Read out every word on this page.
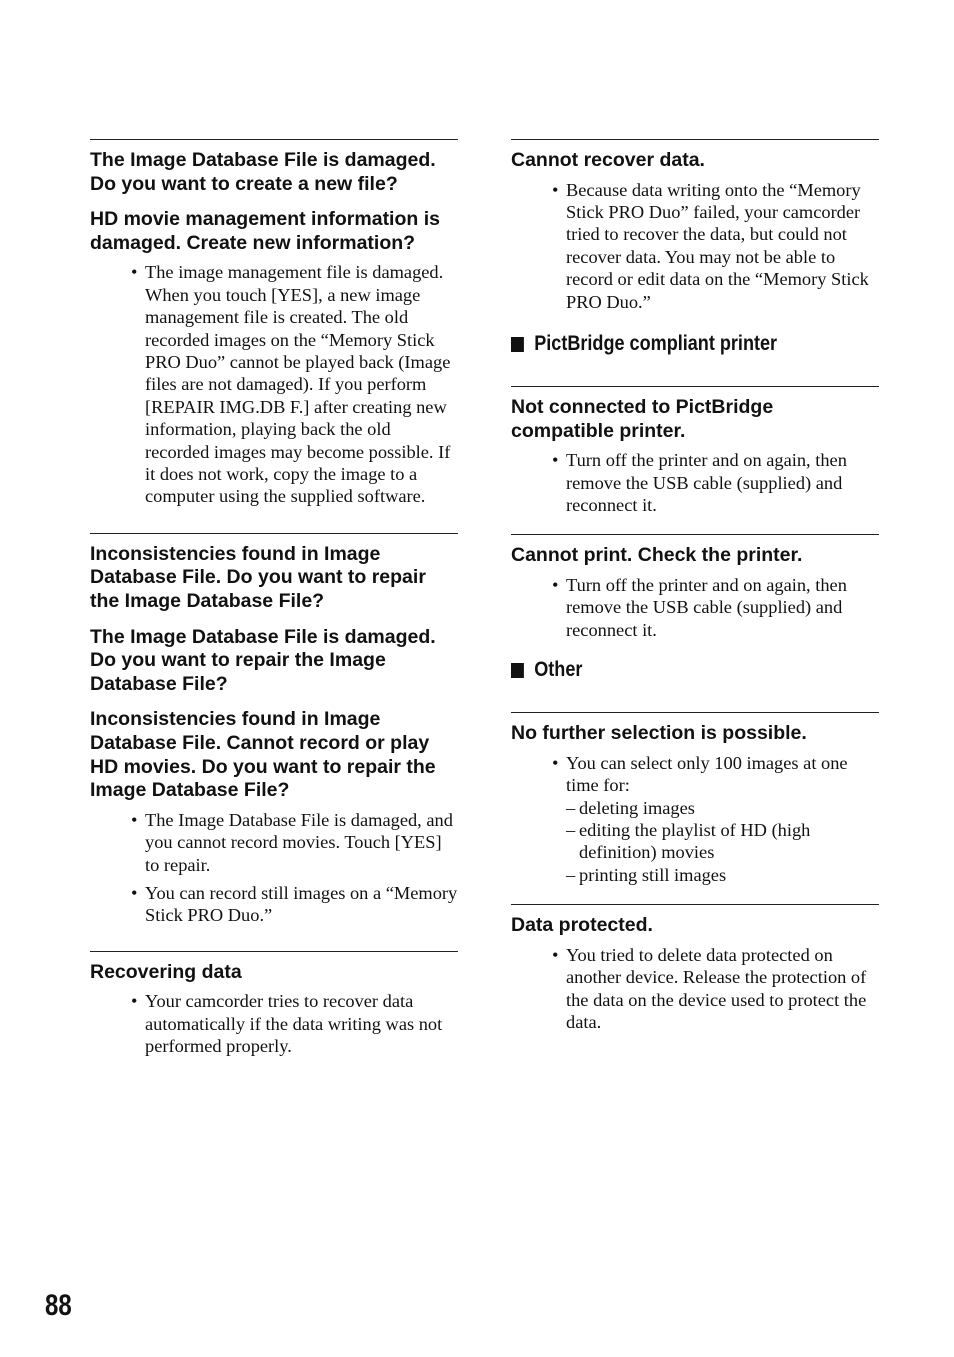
The Image Database File is damaged. Do you want to create a new file?

HD movie management information is damaged. Create new information?

• The image management file is damaged. When you touch [YES], a new image management file is created. The old recorded images on the “Memory Stick PRO Duo” cannot be played back (Image files are not damaged). If you perform [REPAIR IMG.DB F.] after creating new information, playing back the old recorded images may become possible. If it does not work, copy the image to a computer using the supplied software.

Inconsistencies found in Image Database File. Do you want to repair the Image Database File?

The Image Database File is damaged. Do you want to repair the Image Database File?

Inconsistencies found in Image Database File. Cannot record or play HD movies. Do you want to repair the Image Database File?

• The Image Database File is damaged, and you cannot record movies. Touch [YES] to repair.
• You can record still images on a “Memory Stick PRO Duo.”

Recovering data

• Your camcorder tries to recover data automatically if the data writing was not performed properly.

Cannot recover data.

• Because data writing onto the “Memory Stick PRO Duo” failed, your camcorder tried to recover the data, but could not recover data. You may not be able to record or edit data on the “Memory Stick PRO Duo.”

PictBridge compliant printer

Not connected to PictBridge compatible printer.

• Turn off the printer and on again, then remove the USB cable (supplied) and reconnect it.

Cannot print. Check the printer.

• Turn off the printer and on again, then remove the USB cable (supplied) and reconnect it.

Other

No further selection is possible.

• You can select only 100 images at one time for:
– deleting images
– editing the playlist of HD (high definition) movies
– printing still images

Data protected.

• You tried to delete data protected on another device. Release the protection of the data on the device used to protect the data.
88
